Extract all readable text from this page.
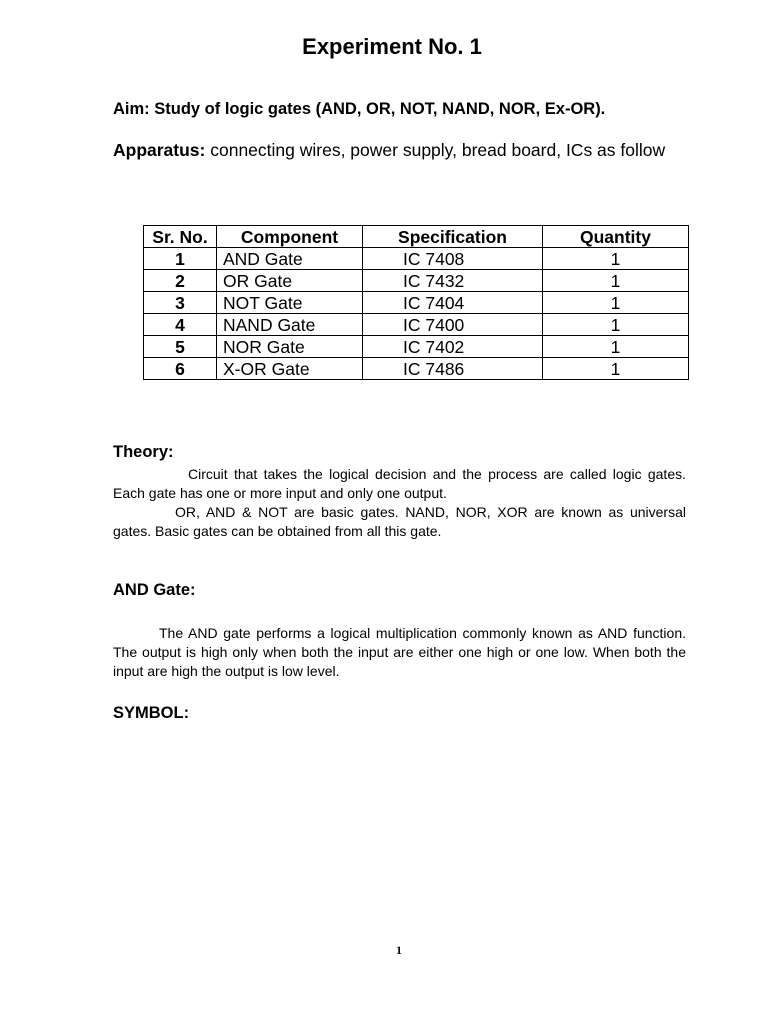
Experiment No. 1
Aim: Study of logic gates (AND, OR, NOT, NAND, NOR, Ex-OR).
Apparatus: connecting wires, power supply, bread board, ICs as follow
Sr. No.	Component	Specification	Quantity
1	AND Gate	IC 7408	1
2	OR Gate	IC 7432	1
3	NOT Gate	IC 7404	1
4	NAND Gate	IC 7400	1
5	NOR Gate	IC 7402	1
6	X-OR Gate	IC 7486	1
Theory:

Circuit that takes the logical decision and the process are called logic gates. Each gate has one or more input and only one output.

OR, AND & NOT are basic gates. NAND, NOR, XOR are known as universal gates. Basic gates can be obtained from all this gate.

AND Gate:

The AND gate performs a logical multiplication commonly known as AND function. The output is high only when both the input are either one high or one low. When both the input are high the output is low level.

SYMBOL:
1
